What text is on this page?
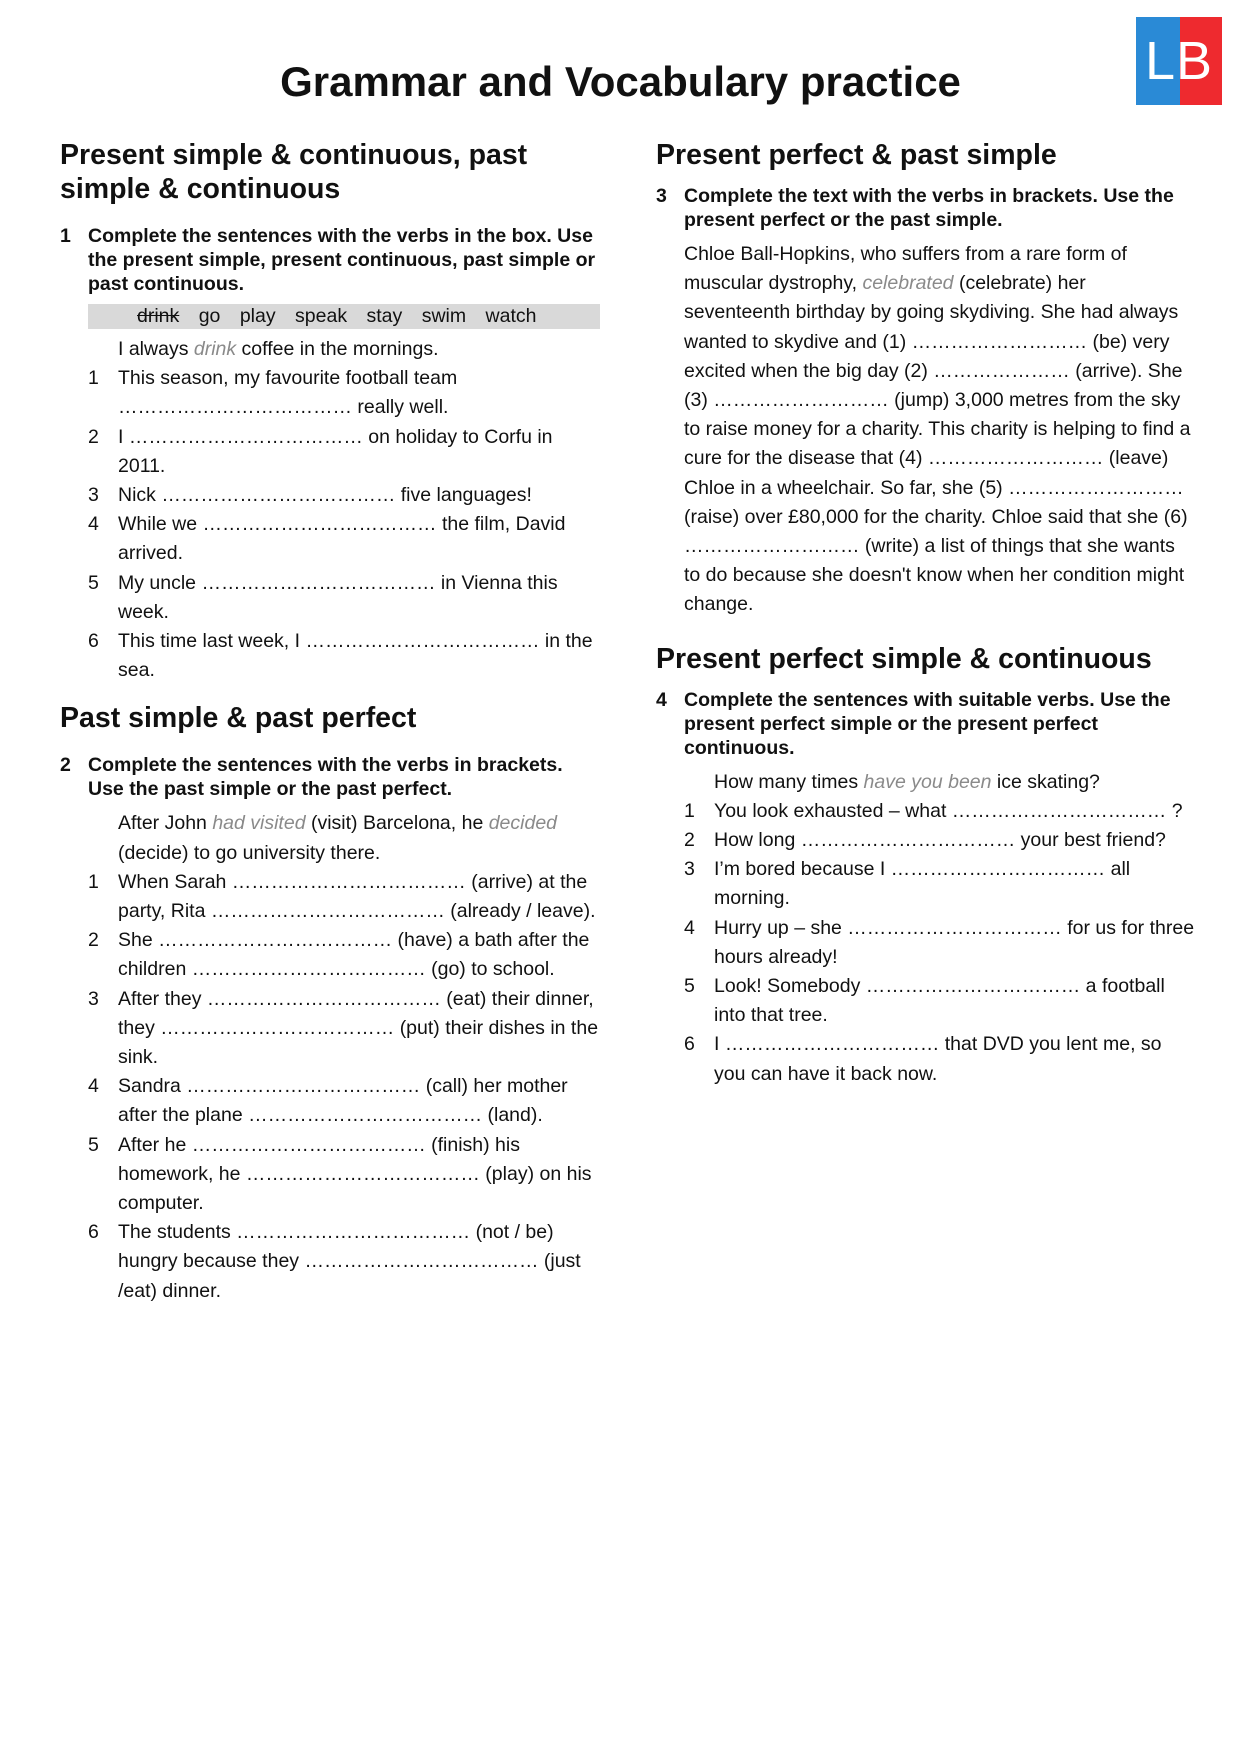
LB
Grammar and Vocabulary practice
Present simple & continuous, past simple & continuous
1 Complete the sentences with the verbs in the box. Use the present simple, present continuous, past simple or past continuous.
drink go play speak stay swim watch
I always drink coffee in the mornings.
1 This season, my favourite football team ……………………………… really well.
2 I ……………………………… on holiday to Corfu in 2011.
3 Nick ……………………………… five languages!
4 While we ……………………………… the film, David arrived.
5 My uncle ……………………………… in Vienna this week.
6 This time last week, I ……………………………… in the sea.
Past simple & past perfect
2 Complete the sentences with the verbs in brackets. Use the past simple or the past perfect.
After John had visited (visit) Barcelona, he decided (decide) to go university there.
1 When Sarah ……………………………… (arrive) at the party, Rita ……………………………… (already / leave).
2 She ……………………………… (have) a bath after the children ……………………………… (go) to school.
3 After they ……………………………… (eat) their dinner, they ……………………………… (put) their dishes in the sink.
4 Sandra ……………………………… (call) her mother after the plane ……………………………… (land).
5 After he ……………………………… (finish) his homework, he ……………………………… (play) on his computer.
6 The students ……………………………… (not / be) hungry because they ……………………………… (just /eat) dinner.
Present perfect & past simple
3 Complete the text with the verbs in brackets. Use the present perfect or the past simple.
Chloe Ball-Hopkins, who suffers from a rare form of muscular dystrophy, celebrated (celebrate) her seventeenth birthday by going skydiving. She had always wanted to skydive and (1) ……………………… (be) very excited when the big day (2) ………………… (arrive). She (3) ……………………… (jump) 3,000 metres from the sky to raise money for a charity. This charity is helping to find a cure for the disease that (4) ……………………… (leave) Chloe in a wheelchair. So far, she (5) ……………………… (raise) over £80,000 for the charity. Chloe said that she (6) ……………………… (write) a list of things that she wants to do because she doesn't know when her condition might change.
Present perfect simple & continuous
4 Complete the sentences with suitable verbs. Use the present perfect simple or the present perfect continuous.
How many times have you been ice skating?
1 You look exhausted – what …………………………… ?
2 How long …………………………… your best friend?
3 I’m bored because I …………………………… all morning.
4 Hurry up – she …………………………… for us for three hours already!
5 Look! Somebody …………………………… a football into that tree.
6 I …………………………… that DVD you lent me, so you can have it back now.
